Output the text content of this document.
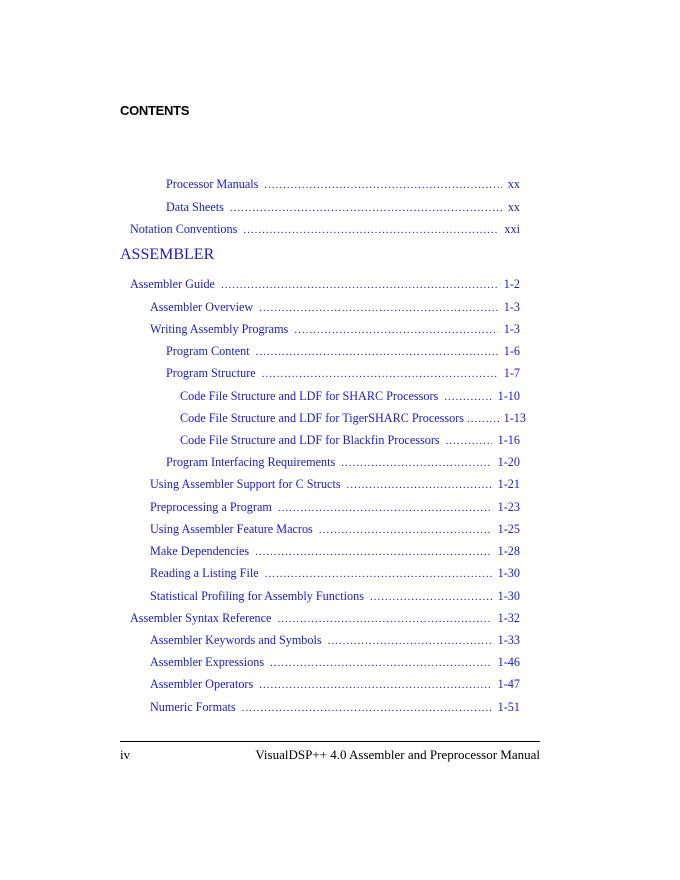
CONTENTS
Processor Manuals .....	xx
Data Sheets .....	xx
Notation Conventions .....	xxi
ASSEMBLER
Assembler Guide .....	1-2
Assembler Overview .....	1-3
Writing Assembly Programs .....	1-3
Program Content .....	1-6
Program Structure .....	1-7
Code File Structure and LDF for SHARC Processors .....	1-10
Code File Structure and LDF for TigerSHARC Processors .....	1-13
Code File Structure and LDF for Blackfin Processors .....	1-16
Program Interfacing Requirements .....	1-20
Using Assembler Support for C Structs .....	1-21
Preprocessing a Program .....	1-23
Using Assembler Feature Macros .....	1-25
Make Dependencies .....	1-28
Reading a Listing File .....	1-30
Statistical Profiling for Assembly Functions .....	1-30
Assembler Syntax Reference .....	1-32
Assembler Keywords and Symbols .....	1-33
Assembler Expressions .....	1-46
Assembler Operators .....	1-47
Numeric Formats .....	1-51
iv	VisualDSP++ 4.0 Assembler and Preprocessor Manual
